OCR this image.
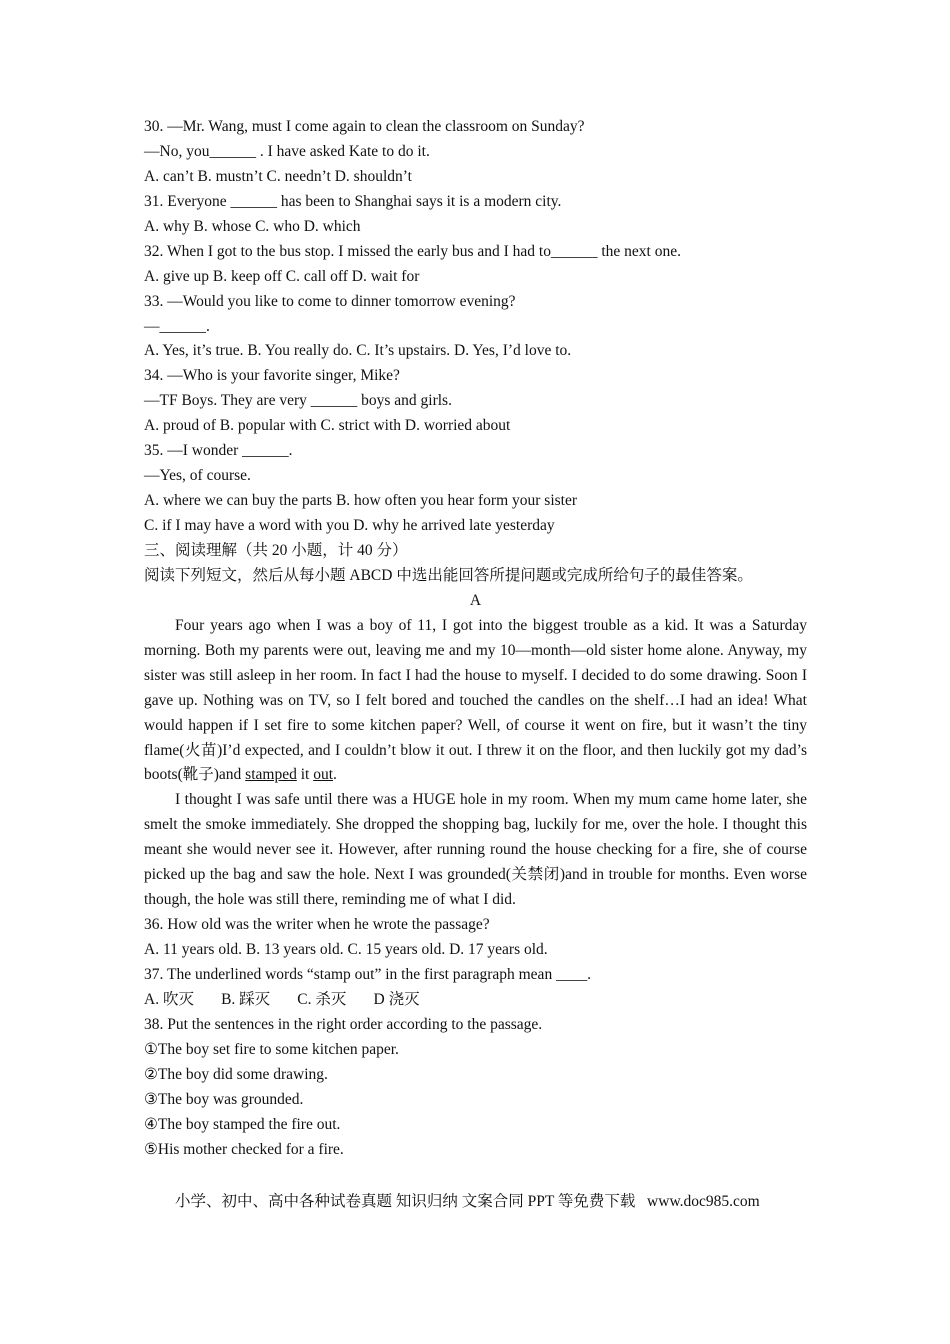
30. —Mr. Wang, must I come again to clean the classroom on Sunday?
—No, you______ . I have asked Kate to do it.
A. can’t B. mustn’t C. needn’t D. shouldn’t
31. Everyone ______ has been to Shanghai says it is a modern city.
A. why B. whose C. who D. which
32. When I got to the bus stop. I missed the early bus and I had to______ the next one.
A. give up B. keep off C. call off D. wait for
33. —Would you like to come to dinner tomorrow evening?
—______.
A. Yes, it’s true. B. You really do. C. It’s upstairs. D. Yes, I’d love to.
34. —Who is your favorite singer, Mike?
—TF Boys. They are very ______ boys and girls.
A. proud of B. popular with C. strict with D. worried about
35. —I wonder ______.
—Yes, of course.
A. where we can buy the parts B. how often you hear form your sister
C. if I may have a word with you D. why he arrived late yesterday
三、阅读理解（共 20 小题，计 40 分）
阅读下列短文，然后从每小题 ABCD 中选出能回答所提问题或完成所给句子的最佳答案。
A

Four years ago when I was a boy of 11, I got into the biggest trouble as a kid. It was a Saturday morning. Both my parents were out, leaving me and my 10—month—old sister home alone. Anyway, my sister was still asleep in her room. In fact I had the house to myself. I decided to do some drawing. Soon I gave up. Nothing was on TV, so I felt bored and touched the candles on the shelf…I had an idea! What would happen if I set fire to some kitchen paper? Well, of course it went on fire, but it wasn’t the tiny flame(火苗)I’d expected, and I couldn’t blow it out. I threw it on the floor, and then luckily got my dad’s boots(靴子)and stamped it out.

I thought I was safe until there was a HUGE hole in my room. When my mum came home later, she smelt the smoke immediately. She dropped the shopping bag, luckily for me, over the hole. I thought this meant she would never see it. However, after running round the house checking for a fire, she of course picked up the bag and saw the hole. Next I was grounded(关禁闭)and in trouble for months. Even worse though, the hole was still there, reminding me of what I did.

36. How old was the writer when he wrote the passage?
A. 11 years old. B. 13 years old. C. 15 years old. D. 17 years old.
37. The underlined words “stamp out” in the first paragraph mean ____.
A. 吹灭       B. 踩灭       C. 杀灭       D 浇灭
38. Put the sentences in the right order according to the passage.
①The boy set fire to some kitchen paper.
②The boy did some drawing.
③The boy was grounded.
④The boy stamped the fire out.
⑤His mother checked for a fire.
小学、初中、高中各种试卷真题 知识归纳 文案合同 PPT 等免费下载   www.doc985.com
